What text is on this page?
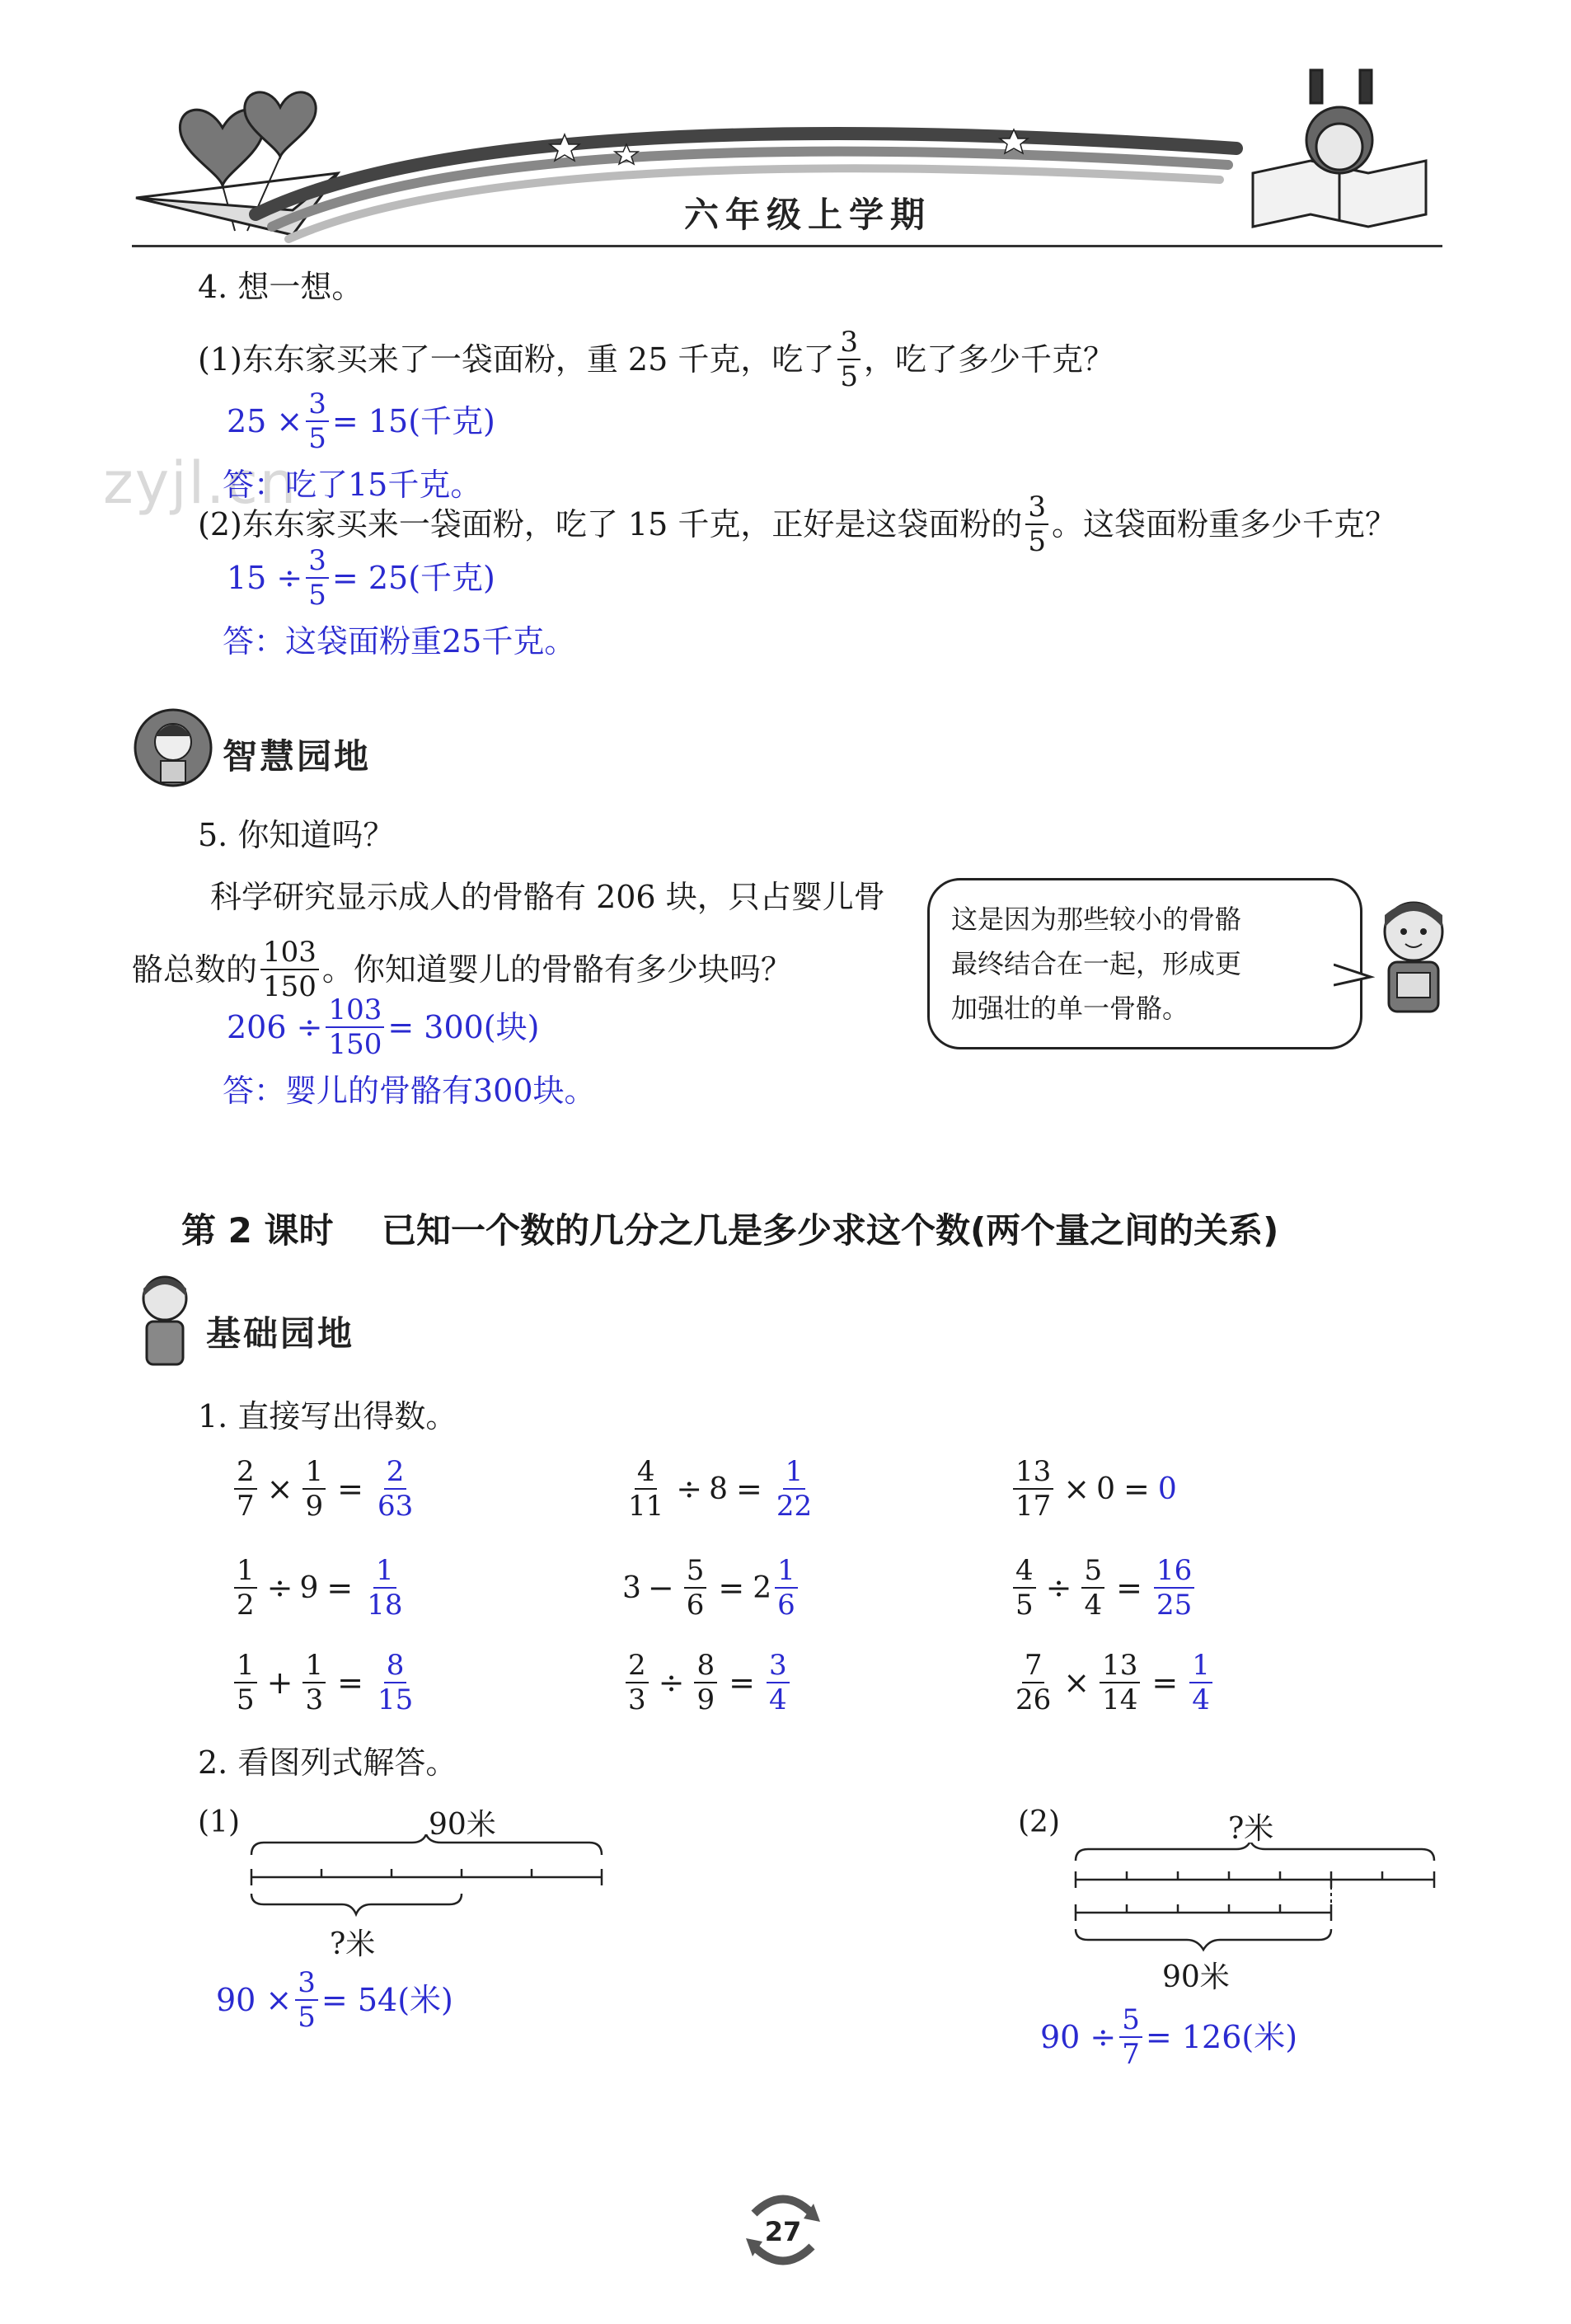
六年级上学期
zyjl.cn
4. 想一想。
(1)东东家买来了一袋面粉，重 25 千克，吃了 $\frac{3}{5}$ ，吃了多少千克？
$25 \times \frac{3}{5} = 15$(千克)
答：吃了15千克。
(2)东东家买来一袋面粉，吃了 15 千克，正好是这袋面粉的 $\frac{3}{5}$ 。这袋面粉重多少千克？
$15 \div \frac{3}{5} = 25$(千克)
答：这袋面粉重25千克。
智慧园地
5. 你知道吗？
科学研究显示成人的骨骼有 206 块，只占婴儿骨
骼总数的 $\frac{103}{150}$ 。你知道婴儿的骨骼有多少块吗？
$206 \div \frac{103}{150} = 300$(块)
答：婴儿的骨骼有300块。
这是因为那些较小的骨骼
最终结合在一起，形成更
加强壮的单一骨骼。
第 2 课时    已知一个数的几分之几是多少求这个数(两个量之间的关系)
基础园地
1. 直接写出得数。
$\frac{2}{7} \times \frac{1}{9} = \frac{2}{63}$	$\frac{4}{11} \div 8 = \frac{1}{22}$	$\frac{13}{17} \times 0 = 0$
$\frac{1}{2} \div 9 = \frac{1}{18}$	$3 - \frac{5}{6} = 2 \frac{1}{6}$	$\frac{4}{5} \div \frac{5}{4} = \frac{16}{25}$
$\frac{1}{5} + \frac{1}{3} = \frac{8}{15}$	$\frac{2}{3} \div \frac{8}{9} = \frac{3}{4}$	$\frac{7}{26} \times \frac{13}{14} = \frac{1}{4}$
2. 看图列式解答。
(1)	90米
?米
$90 \times \frac{3}{5} = 54$(米)
(2)	?米
90米
$90 \div \frac{5}{7} = 126$(米)
27
